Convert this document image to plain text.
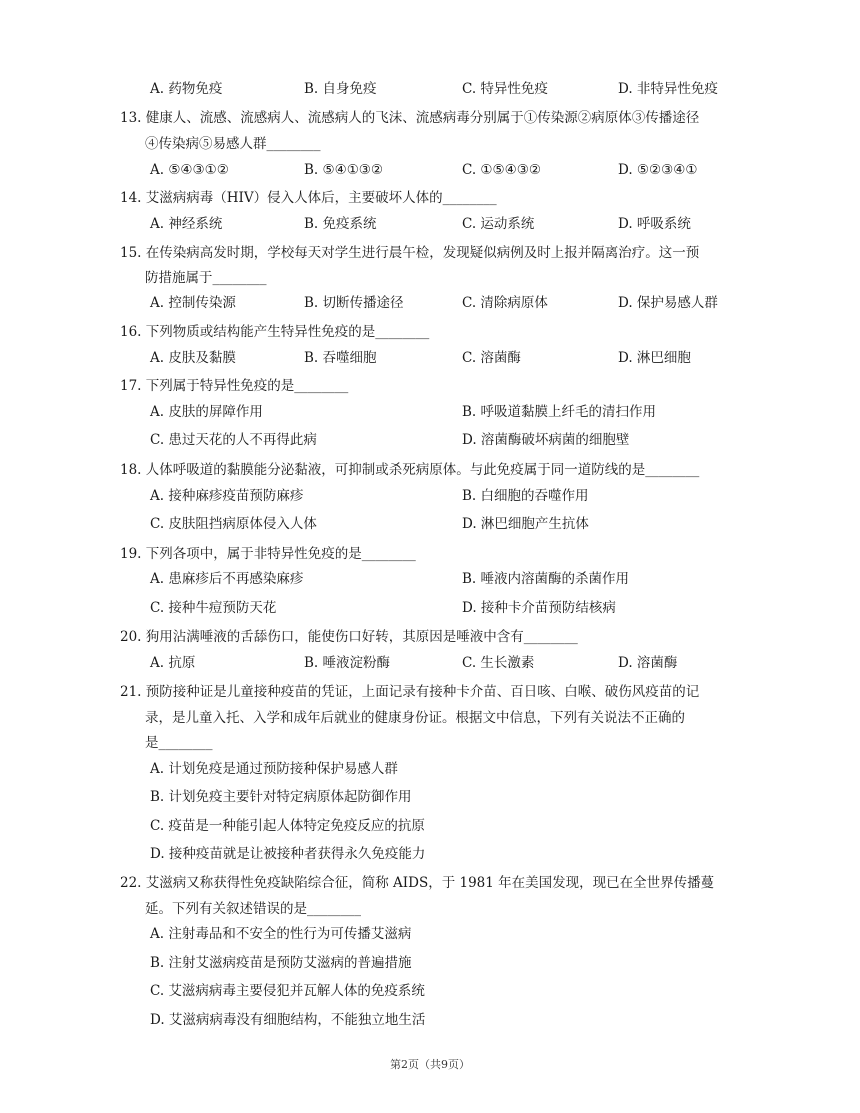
A. 药物免疫	B. 自身免疫	C. 特异性免疫	D. 非特异性免疫
13. 健康人、流感、流感病人、流感病人的飞沫、流感病毒分别属于①传染源②病原体③传播途径
④传染病⑤易感人群________
A. ⑤④③①②	B. ⑤④①③②	C. ①⑤④③②	D. ⑤②③④①
14. 艾滋病病毒（HIV）侵入人体后，主要破坏人体的________
A. 神经系统	B. 免疫系统	C. 运动系统	D. 呼吸系统
15. 在传染病高发时期，学校每天对学生进行晨午检，发现疑似病例及时上报并隔离治疗。这一预
防措施属于________
A. 控制传染源	B. 切断传播途径	C. 清除病原体	D. 保护易感人群
16. 下列物质或结构能产生特异性免疫的是________
A. 皮肤及黏膜	B. 吞噬细胞	C. 溶菌酶	D. 淋巴细胞
17. 下列属于特异性免疫的是________
A. 皮肤的屏障作用	B. 呼吸道黏膜上纤毛的清扫作用
C. 患过天花的人不再得此病	D. 溶菌酶破坏病菌的细胞壁
18. 人体呼吸道的黏膜能分泌黏液，可抑制或杀死病原体。与此免疫属于同一道防线的是________
A. 接种麻疹疫苗预防麻疹	B. 白细胞的吞噬作用
C. 皮肤阻挡病原体侵入人体	D. 淋巴细胞产生抗体
19. 下列各项中，属于非特异性免疫的是________
A. 患麻疹后不再感染麻疹	B. 唾液内溶菌酶的杀菌作用
C. 接种牛痘预防天花	D. 接种卡介苗预防结核病
20. 狗用沾满唾液的舌舔伤口，能使伤口好转，其原因是唾液中含有________
A. 抗原	B. 唾液淀粉酶	C. 生长激素	D. 溶菌酶
21. 预防接种证是儿童接种疫苗的凭证，上面记录有接种卡介苗、百日咳、白喉、破伤风疫苗的记
录，是儿童入托、入学和成年后就业的健康身份证。根据文中信息，下列有关说法不正确的
是________
A. 计划免疫是通过预防接种保护易感人群
B. 计划免疫主要针对特定病原体起防御作用
C. 疫苗是一种能引起人体特定免疫反应的抗原
D. 接种疫苗就是让被接种者获得永久免疫能力
22. 艾滋病又称获得性免疫缺陷综合征，简称 AIDS，于 1981 年在美国发现，现已在全世界传播蔓
延。下列有关叙述错误的是________
A. 注射毒品和不安全的性行为可传播艾滋病
B. 注射艾滋病疫苗是预防艾滋病的普遍措施
C. 艾滋病病毒主要侵犯并瓦解人体的免疫系统
D. 艾滋病病毒没有细胞结构，不能独立地生活
第2页（共9页）
